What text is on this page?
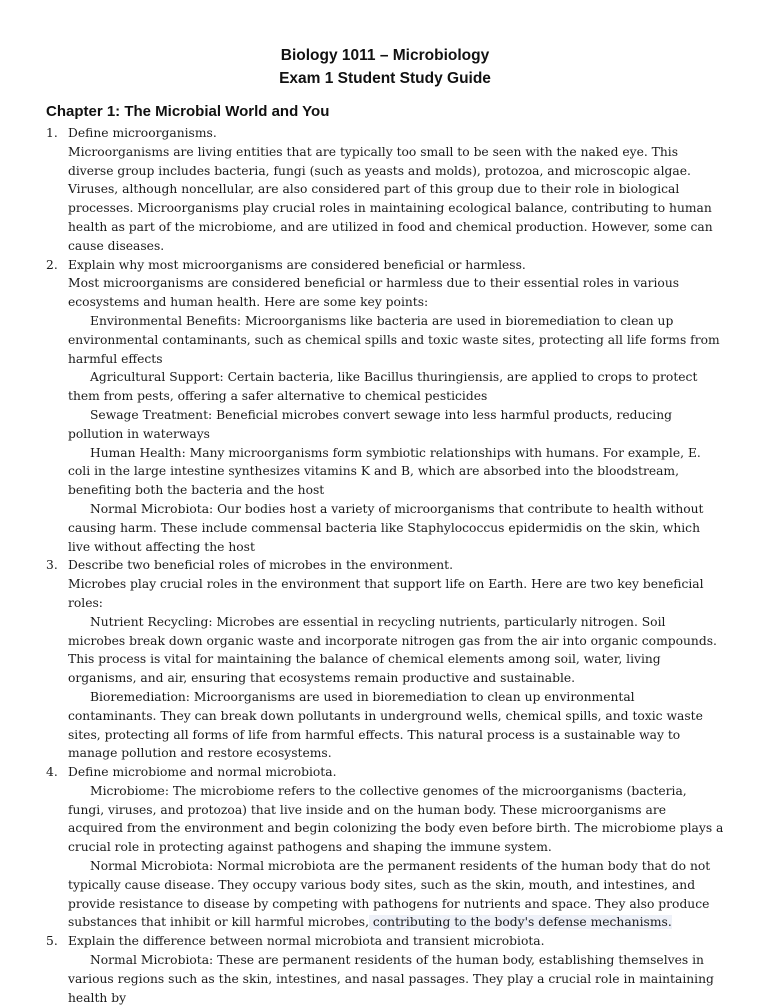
Biology 1011 – Microbiology

Exam 1 Student Study Guide

Chapter 1: The Microbial World and You
1. Define microorganisms.

Microorganisms are living entities that are typically too small to be seen with the naked eye. This diverse group includes bacteria, fungi (such as yeasts and molds), protozoa, and microscopic algae. Viruses, although noncellular, are also considered part of this group due to their role in biological processes. Microorganisms play crucial roles in maintaining ecological balance, contributing to human health as part of the microbiome, and are utilized in food and chemical production. However, some can cause diseases.

2. Explain why most microorganisms are considered beneficial or harmless.

Most microorganisms are considered beneficial or harmless due to their essential roles in various ecosystems and human health. Here are some key points:

Environmental Benefits: Microorganisms like bacteria are used in bioremediation to clean up environmental contaminants, such as chemical spills and toxic waste sites, protecting all life forms from harmful effects

Agricultural Support: Certain bacteria, like Bacillus thuringiensis, are applied to crops to protect them from pests, offering a safer alternative to chemical pesticides

Sewage Treatment: Beneficial microbes convert sewage into less harmful products, reducing pollution in waterways

Human Health: Many microorganisms form symbiotic relationships with humans. For example, E. coli in the large intestine synthesizes vitamins K and B, which are absorbed into the bloodstream, benefiting both the bacteria and the host

Normal Microbiota: Our bodies host a variety of microorganisms that contribute to health without causing harm. These include commensal bacteria like Staphylococcus epidermidis on the skin, which live without affecting the host

3. Describe two beneficial roles of microbes in the environment.

Microbes play crucial roles in the environment that support life on Earth. Here are two key beneficial roles:

Nutrient Recycling: Microbes are essential in recycling nutrients, particularly nitrogen. Soil microbes break down organic waste and incorporate nitrogen gas from the air into organic compounds. This process is vital for maintaining the balance of chemical elements among soil, water, living organisms, and air, ensuring that ecosystems remain productive and sustainable.

Bioremediation: Microorganisms are used in bioremediation to clean up environmental contaminants. They can break down pollutants in underground wells, chemical spills, and toxic waste sites, protecting all forms of life from harmful effects. This natural process is a sustainable way to manage pollution and restore ecosystems.

4. Define microbiome and normal microbiota.

Microbiome: The microbiome refers to the collective genomes of the microorganisms (bacteria, fungi, viruses, and protozoa) that live inside and on the human body. These microorganisms are acquired from the environment and begin colonizing the body even before birth. The microbiome plays a crucial role in protecting against pathogens and shaping the immune system.

Normal Microbiota: Normal microbiota are the permanent residents of the human body that do not typically cause disease. They occupy various body sites, such as the skin, mouth, and intestines, and provide resistance to disease by competing with pathogens for nutrients and space. They also produce substances that inhibit or kill harmful microbes, contributing to the body's defense mechanisms.

5. Explain the difference between normal microbiota and transient microbiota.

Normal Microbiota: These are permanent residents of the human body, establishing themselves in various regions such as the skin, intestines, and nasal passages. They play a crucial role in maintaining health by
